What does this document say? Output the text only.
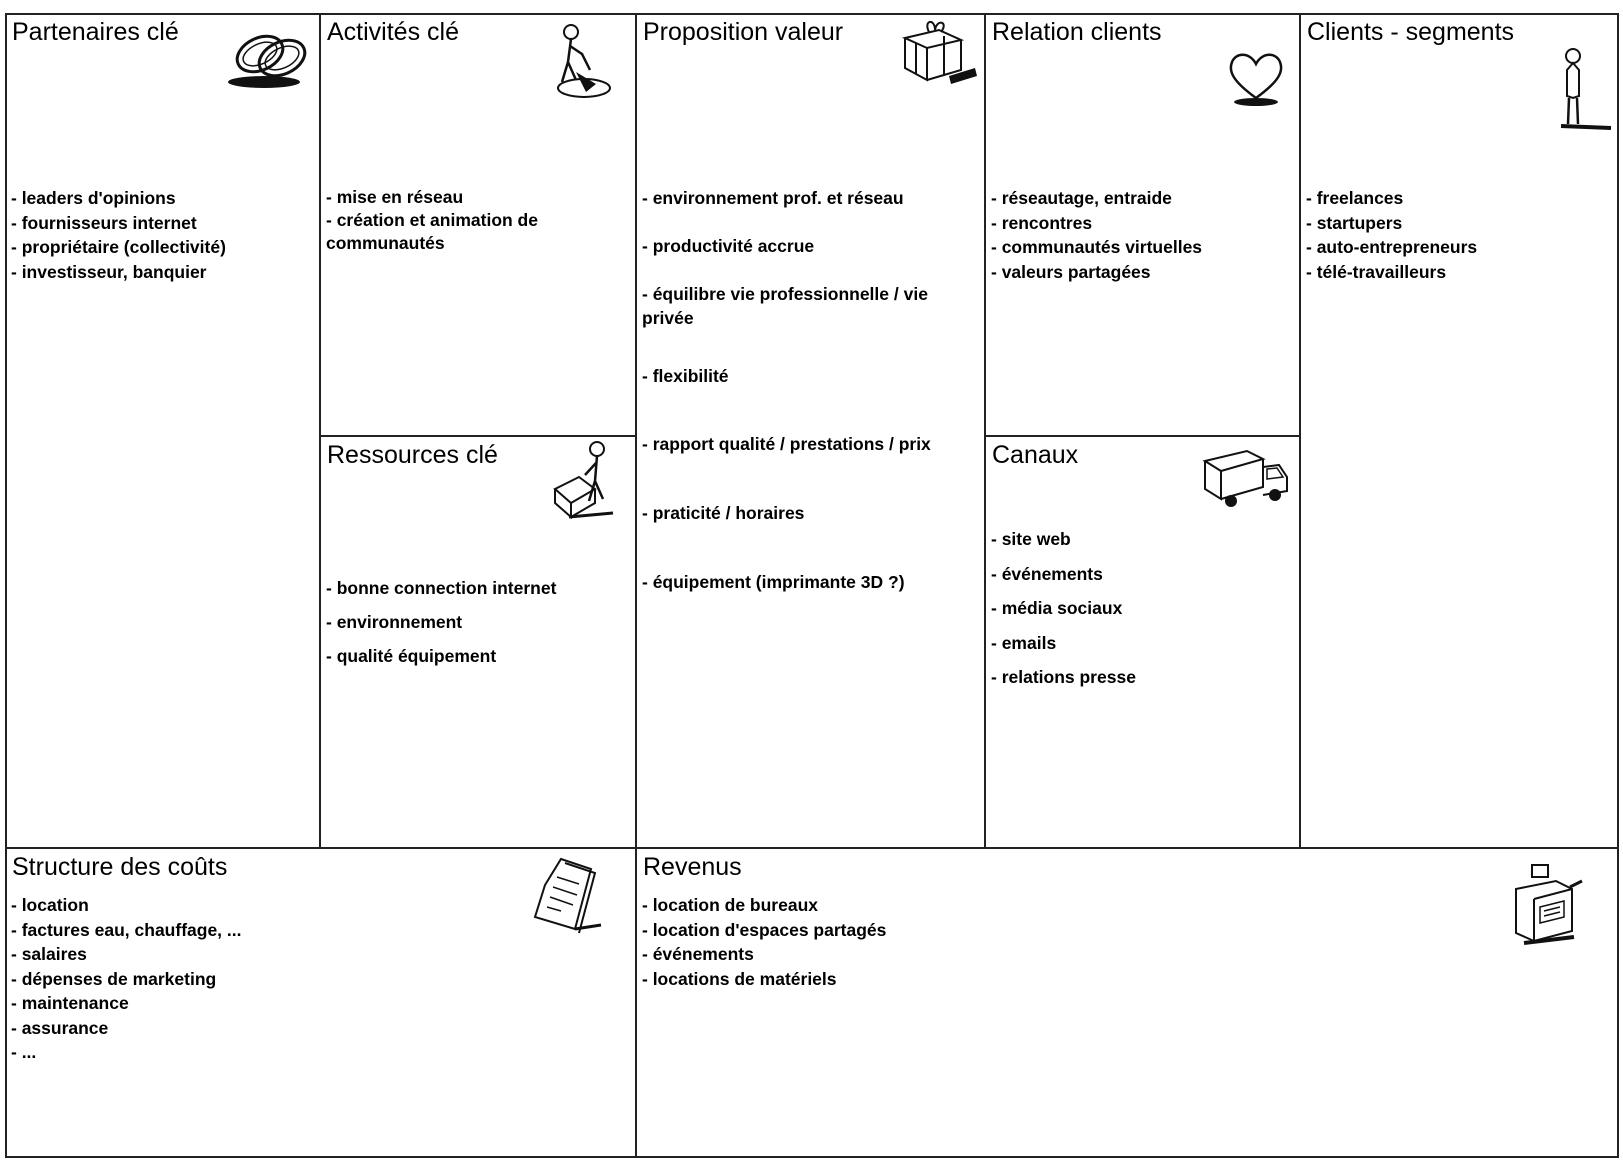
Partenaires clé
- leaders d'opinions
- fournisseurs internet
- propriétaire (collectivité)
- investisseur, banquier
Activités clé
- mise en réseau
- création et animation de
communautés
Ressources clé
- bonne connection internet
- environnement
- qualité équipement
Proposition valeur
- environnement prof. et réseau
- productivité accrue
- équilibre vie professionnelle / vie
privée
- flexibilité
- rapport qualité / prestations / prix
- praticité / horaires
- équipement (imprimante 3D ?)
Relation clients
- réseautage, entraide
- rencontres
- communautés virtuelles
- valeurs partagées
Canaux
- site web
- événements
- média sociaux
- emails
- relations presse
Clients - segments
- freelances
- startupers
- auto-entrepreneurs
- télé-travailleurs
Structure des coûts
- location
- factures eau, chauffage, ...
- salaires
- dépenses de marketing
- maintenance
- assurance
- ...
Revenus
- location de bureaux
- location d'espaces partagés
- événements
- locations de matériels
